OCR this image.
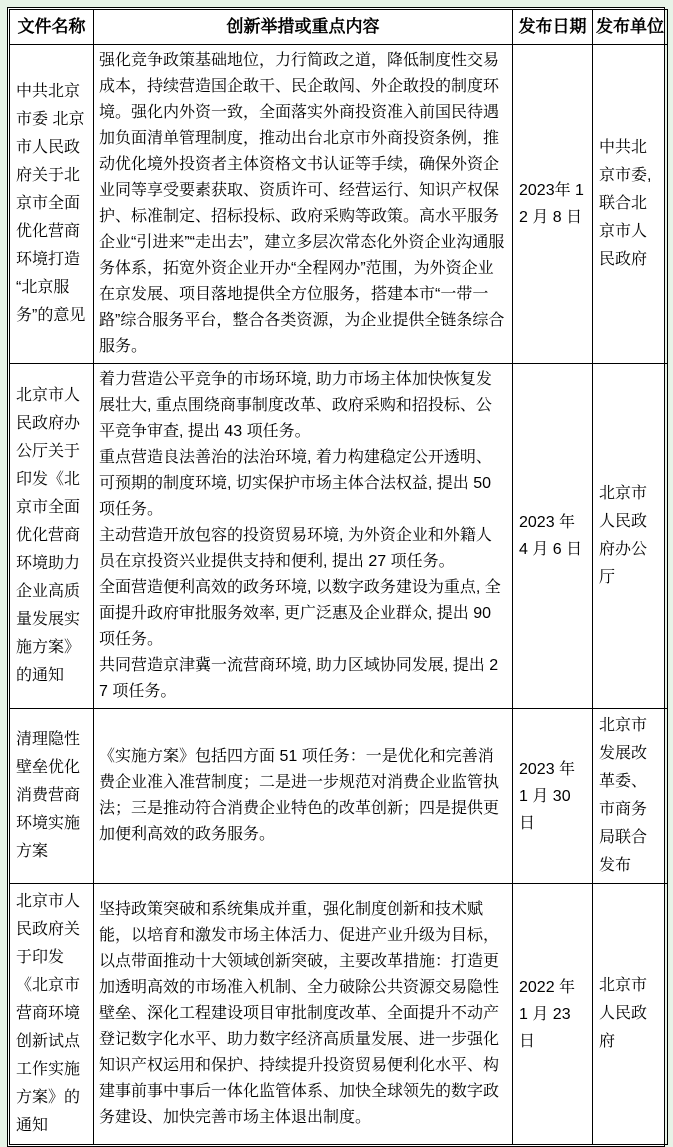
文件名称	创新举措或重点内容	发布日期	发布单位
中共北京市委 北京市人民政府关于北京市全面优化营商环境打造“北京服务”的意见	强化竞争政策基础地位，力行简政之道，降低制度性交易成本，持续营造国企敢干、民企敢闯、外企敢投的制度环境。强化内外资一致，全面落实外商投资准入前国民待遇加负面清单管理制度，推动出台北京市外商投资条例，推动优化境外投资者主体资格文书认证等手续，确保外资企业同等享受要素获取、资质许可、经营运行、知识产权保护、标准制定、招标投标、政府采购等政策。高水平服务企业“引进来”“走出去”，建立多层次常态化外资企业沟通服务体系，拓宽外资企业开办“全程网办”范围，为外资企业在京发展、项目落地提供全方位服务，搭建本市“一带一路”综合服务平台，整合各类资源，为企业提供全链条综合服务。	2023年 12 月 8 日	中共北京市委,联合北京市人民政府
北京市人民政府办公厅关于印发《北京市全面优化营商环境助力企业高质量发展实施方案》的通知	着力营造公平竞争的市场环境, 助力市场主体加快恢复发展壮大, 重点围绕商事制度改革、政府采购和招投标、公平竞争审查, 提出 43 项任务。
重点营造良法善治的法治环境, 着力构建稳定公开透明、可预期的制度环境, 切实保护市场主体合法权益, 提出 50 项任务。
主动营造开放包容的投资贸易环境, 为外资企业和外籍人员在京投资兴业提供支持和便利, 提出 27 项任务。
全面营造便利高效的政务环境, 以数字政务建设为重点, 全面提升政府审批服务效率, 更广泛惠及企业群众, 提出 90 项任务。
共同营造京津冀一流营商环境, 助力区域协同发展, 提出 27 项任务。	2023 年 4 月 6 日	北京市人民政府办公厅
清理隐性壁垒优化消费营商环境实施方案	《实施方案》包括四方面 51 项任务：一是优化和完善消费企业准入准营制度；二是进一步规范对消费企业监管执法；三是推动符合消费企业特色的改革创新；四是提供更加便利高效的政务服务。	2023 年 1 月 30 日	北京市发展改革委、市商务局联合发布
北京市人民政府关于印发《北京市营商环境创新试点工作实施方案》的通知	坚持政策突破和系统集成并重，强化制度创新和技术赋能，以培育和激发市场主体活力、促进产业升级为目标，以点带面推动十大领域创新突破，主要改革措施：打造更加透明高效的市场准入机制、全力破除公共资源交易隐性壁垒、深化工程建设项目审批制度改革、全面提升不动产登记数字化水平、助力数字经济高质量发展、进一步强化知识产权运用和保护、持续提升投资贸易便利化水平、构建事前事中事后一体化监管体系、加快全球领先的数字政务建设、加快完善市场主体退出制度。	2022 年 1 月 23 日	北京市人民政府
